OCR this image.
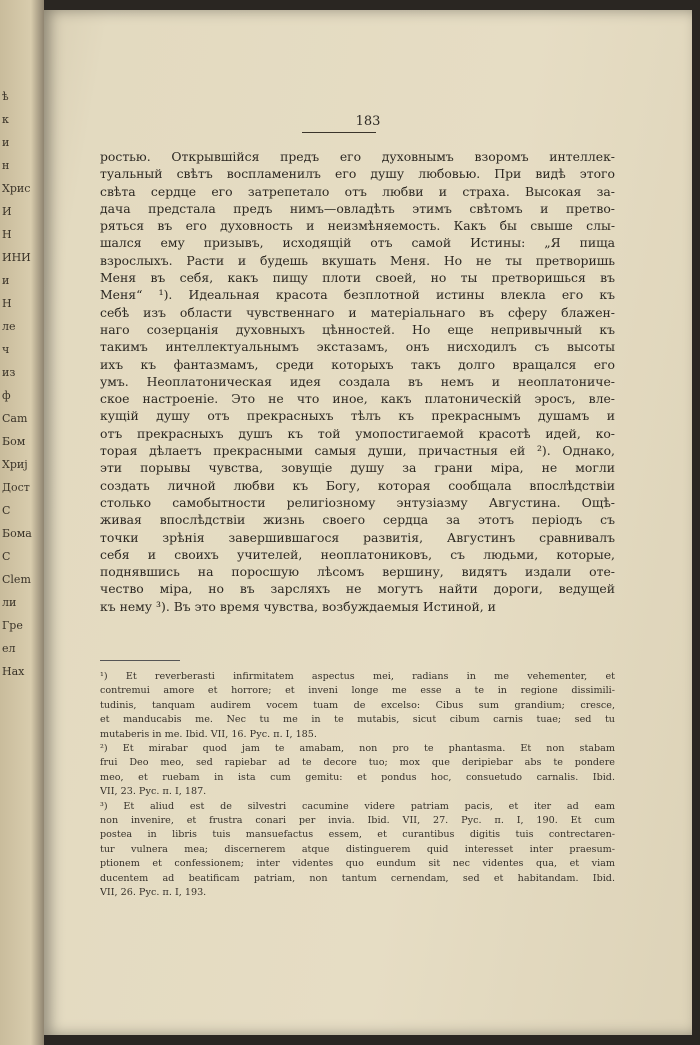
ѣ
к
и
н
Хрис
И
Н
ИНИ
и
Н
ле
ч
из
ф
Cam
Бом
Хриј
Дост
С
Бома
С
Сlem
ли
Гре
ел
Нах
183
ростью. Открывшійся предъ его духовнымъ взоромъ интеллек-
туальный свѣтъ воспламенилъ его душу любовью. При видѣ этого
свѣта сердце его затрепетало отъ любви и страха. Высокая за-
дача предстала предъ нимъ—овладѣть этимъ свѣтомъ и претво-
ряться въ его духовность и неизмѣняемость. Какъ бы свыше слы-
шался ему призывъ, исходящій отъ самой Истины: „Я пища
взрослыхъ. Расти и будешь вкушать Меня. Но не ты претворишь
Меня въ себя, какъ пищу плоти своей, но ты претворишься въ
Меня“ ¹). Идеальная красота безплотной истины влекла его къ
себѣ изъ области чувственнаго и матеріальнаго въ сферу блажен-
наго созерцанія духовныхъ цѣнностей. Но еще непривычный къ
такимъ интеллектуальнымъ экстазамъ, онъ нисходилъ съ высоты
ихъ къ фантазмамъ, среди которыхъ такъ долго вращался его
умъ. Неоплатоническая идея создала въ немъ и неоплатониче-
ское настроеніе. Это не что иное, какъ платоническій эросъ, вле-
кущій душу отъ прекрасныхъ тѣлъ къ прекраснымъ душамъ и
отъ прекрасныхъ душъ къ той умопостигаемой красотѣ идей, ко-
торая дѣлаетъ прекрасными самыя души, причастныя ей ²). Однако,
эти порывы чувства, зовущіе душу за грани міра, не могли
создать личной любви къ Богу, которая сообщала впослѣдствіи
столько самобытности религіозному энтузіазму Августина. Ощѣ-
живая впослѣдствіи жизнь своего сердца за этотъ періодъ съ
точки зрѣнія завершившагося развитія, Августинъ сравнивалъ
себя и своихъ учителей, неоплатониковъ, съ людьми, которые,
поднявшись на поросшую лѣсомъ вершину, видятъ издали оте-
чество міра, но въ зарсляхъ не могутъ найти дороги, ведущей
къ нему ³). Въ это время чувства, возбуждаемыя Истиной, и
¹) Et reverberasti infirmitatem aspectus mei, radians in me vehementer, et
contremui amore et horrore; et inveni longe me esse a te in regione dissimili-
tudinis, tanquam audirem vocem tuam de excelso: Cibus sum grandium; cresce,
et manducabis me. Nec tu me in te mutabis, sicut cibum carnis tuae; sed tu
mutaberis in me. Ibid. VII, 16. Рус. п. I, 185.
²) Et mirabar quod jam te amabam, non pro te phantasma. Et non stabam
frui Deo meo, sed rapiebar ad te decore tuo; mox que deripiebar abs te pondere
meo, et ruebam in ista cum gemitu: et pondus hoc, consuetudo carnalis. Ibid.
VII, 23. Рус. п. I, 187.
³) Et aliud est de silvestri cacumine videre patriam pacis, et iter ad eam
non invenire, et frustra conari per invia. Ibid. VII, 27. Рус. п. I, 190. Et cum
postea in libris tuis mansuefactus essem, et curantibus digitis tuis contrectaren-
tur vulnera mea; discernerem atque distinguerem quid interesset inter praesum-
ptionem et confessionem; inter videntes quo eundum sit nec videntes qua, et viam
ducentem ad beatificam patriam, non tantum cernendam, sed et habitandam. Ibid.
VII, 26. Рус. п. I, 193.
